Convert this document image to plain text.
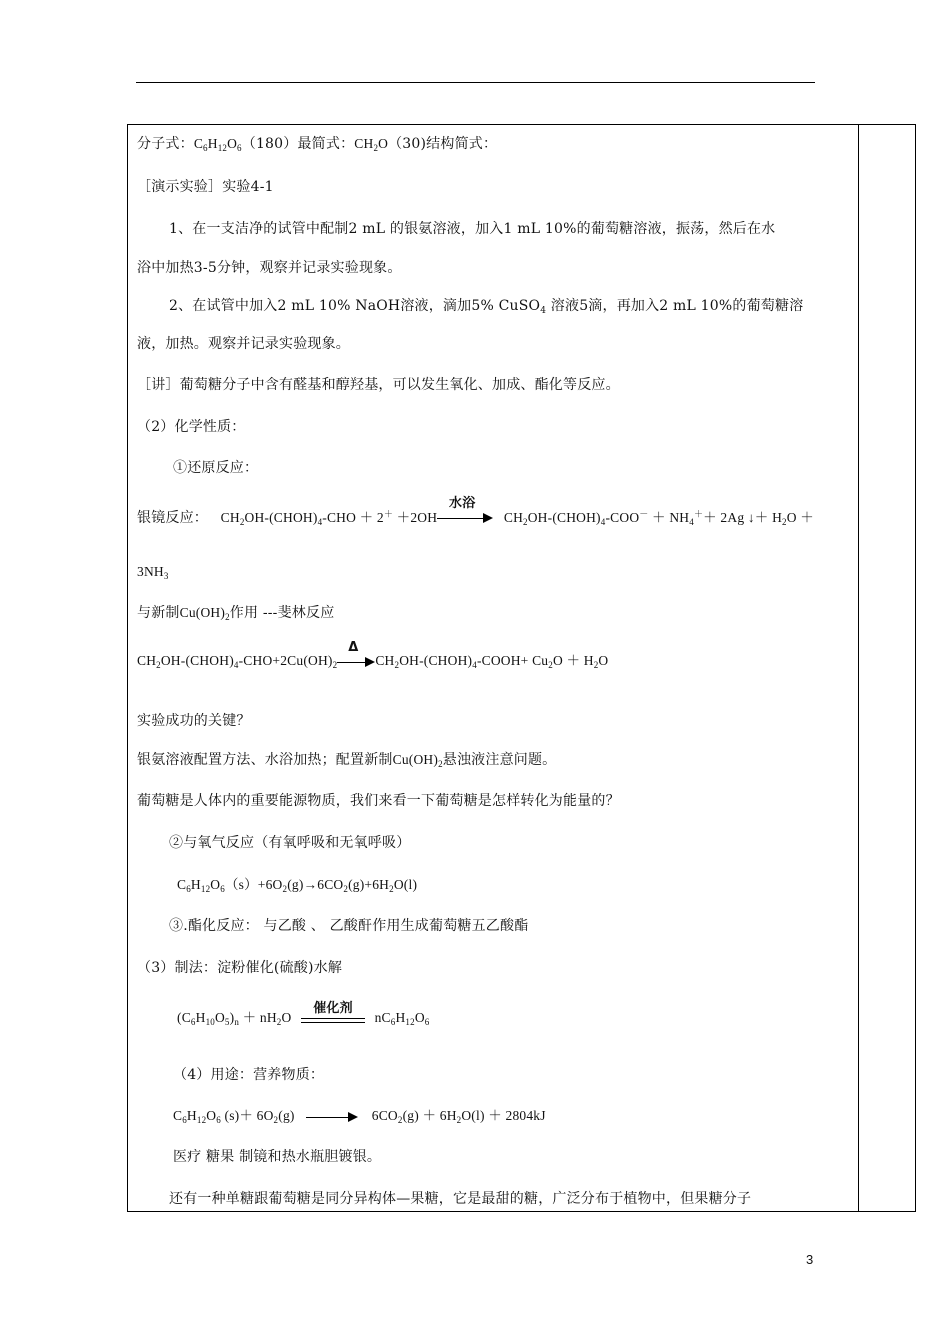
分子式：$C_6H_{12}O_6(180)$最简式：$CH_2O(30)$结构简式：
［演示实验］实验4-1
1、在一支洁净的试管中配制2 mL 的银氨溶液，加入1 mL 10%的葡萄糖溶液，振荡，然后在水
浴中加热3-5分钟，观察并记录实验现象。
2、在试管中加入2 mL 10% NaOH溶液，滴加5% CuSO$_4$ 溶液5滴，再加入2 mL 10%的葡萄糖溶
液，加热。观察并记录实验现象。
［讲］葡萄糖分子中含有醛基和醇羟基，可以发生氧化、加成、酯化等反应。
（2）化学性质：
①还原反应：
银镜反应： $CH_2OH-(CHOH)_4$-CHO ＋ 2＋ ＋2OH
水浴
$CH_2OH-(CHOH)_4-COO^- + NH_4^++ 2Ag$ ↓＋ $H_2O$ ＋
$3NH_3$
与新制$Cu(OH)_2$作用 ---斐林反应
$CH_2OH-(CHOH)_4-CHO+2Cu(OH)_2$
Δ
$CH_2OH-(CHOH)_4-COOH+ Cu_2O + H_2O$
实验成功的关键？
银氨溶液配置方法、水浴加热；配置新制$Cu(OH)_2$悬浊液注意问题。
葡萄糖是人体内的重要能源物质，我们来看一下葡萄糖是怎样转化为能量的？
②与氧气反应（有氧呼吸和无氧呼吸）
$C_6H_{12}O_6(s)+6O_2(g)\to 6CO_2(g)+6H_2O(l)$
③.酯化反应： 与乙酸 、 乙酸酐作用生成葡萄糖五乙酸酯
（3）制法：淀粉催化(硫酸)水解
$(C_6H_{10}O_5)_n + nH_2O$
催化剂
$nC_6H_{12}O_6$
（4）用途：营养物质：
$C_6H_{12}O_6$ $(s)+ 6O_2(g)$	$6CO_2(g) + 6H_2O(l) + 2804kJ$
医疗 糖果 制镜和热水瓶胆镀银。
还有一种单糖跟葡萄糖是同分异构体—果糖，它是最甜的糖，广泛分布于植物中，但果糖分子
3
